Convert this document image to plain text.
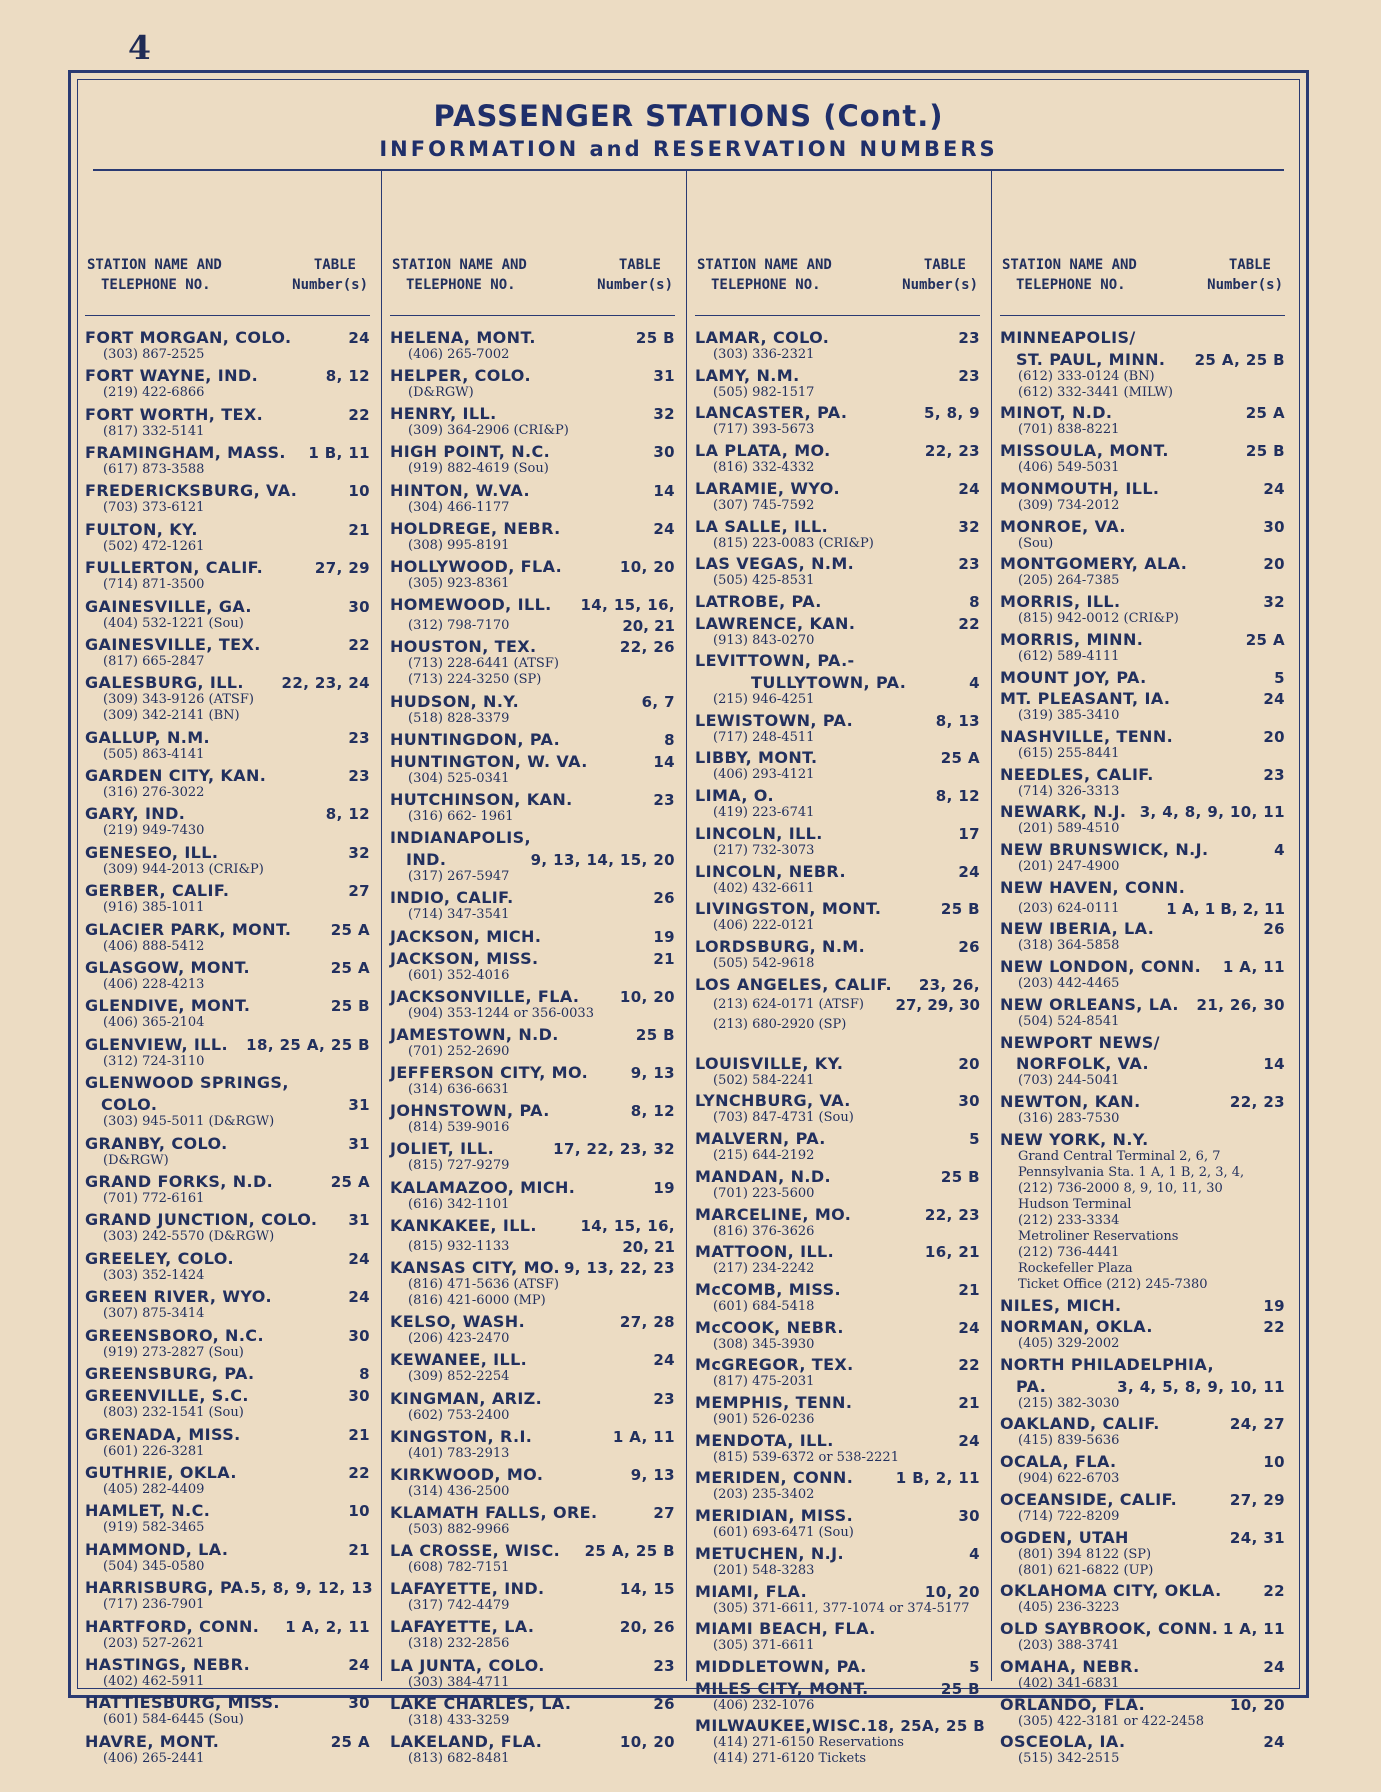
4
PASSENGER STATIONS (Cont.)
INFORMATION and RESERVATION NUMBERS
STATION NAME AND
TELEPHONE NO.
TABLE
Number(s)
FORT MORGAN, COLO.	24
(303) 867-2525
FORT WAYNE, IND.	8, 12
(219) 422-6866
FORT WORTH, TEX.	22
(817) 332-5141
FRAMINGHAM, MASS. 1 B, 11
(617) 873-3588
FREDERICKSBURG, VA.	10
(703) 373-6121
FULTON, KY.	21
(502) 472-1261
FULLERTON, CALIF.	27, 29
(714) 871-3500
GAINESVILLE, GA.	30
(404) 532-1221 (Sou)
GAINESVILLE, TEX.	22
(817) 665-2847
GALESBURG, ILL.	22, 23, 24
(309) 343-9126 (ATSF)
(309) 342-2141 (BN)
GALLUP, N.M.	23
(505) 863-4141
GARDEN CITY, KAN.	23
(316) 276-3022
GARY, IND.	8, 12
(219) 949-7430
GENESEO, ILL.	32
(309) 944-2013 (CRI&P)
GERBER, CALIF.	27
(916) 385-1011
GLACIER PARK, MONT.	25 A
(406) 888-5412
GLASGOW, MONT.	25 A
(406) 228-4213
GLENDIVE, MONT.	25 B
(406) 365-2104
GLENVIEW, ILL. 18, 25 A, 25 B
(312) 724-3110
GLENWOOD SPRINGS,
COLO.	31
(303) 945-5011 (D&RGW)
GRANBY, COLO.	31
(D&RGW)
GRAND FORKS, N.D.	25 A
(701) 772-6161
GRAND JUNCTION, COLO. 31
(303) 242-5570 (D&RGW)
GREELEY, COLO.	24
(303) 352-1424
GREEN RIVER, WYO.	24
(307) 875-3414
GREENSBORO, N.C.	30
(919) 273-2827 (Sou)
GREENSBURG, PA.	8
GREENVILLE, S.C.	30
(803) 232-1541 (Sou)
GRENADA, MISS.	21
(601) 226-3281
GUTHRIE, OKLA.	22
(405) 282-4409
HAMLET, N.C.	10
(919) 582-3465
HAMMOND, LA.	21
(504) 345-0580
HARRISBURG, PA. 5, 8, 9, 12, 13
(717) 236-7901
HARTFORD, CONN. 1 A, 2, 11
(203) 527-2621
HASTINGS, NEBR.	24
(402) 462-5911
HATTIESBURG, MISS.	30
(601) 584-6445 (Sou)
HAVRE, MONT.	25 A
(406) 265-2441
STATION NAME AND
TELEPHONE NO.
TABLE
Number(s)
HELENA, MONT.	25 B
(406) 265-7002
HELPER, COLO.	31
(D&RGW)
HENRY, ILL.	32
(309) 364-2906 (CRI&P)
HIGH POINT, N.C.	30
(919) 882-4619 (Sou)
HINTON, W.VA.	14
(304) 466-1177
HOLDREGE, NEBR.	24
(308) 995-8191
HOLLYWOOD, FLA.	10, 20
(305) 923-8361
HOMEWOOD, ILL. 14, 15, 16,
(312) 798-7170	20, 21
HOUSTON, TEX.	22, 26
(713) 228-6441 (ATSF)
(713) 224-3250 (SP)
HUDSON, N.Y.	6, 7
(518) 828-3379
HUNTINGDON, PA.	8
HUNTINGTON, W. VA.	14
(304) 525-0341
HUTCHINSON, KAN.	23
(316) 662- 1961
INDIANAPOLIS,
IND.	9, 13, 14, 15, 20
(317) 267-5947
INDIO, CALIF.	26
(714) 347-3541
JACKSON, MICH.	19
JACKSON, MISS.	21
(601) 352-4016
JACKSONVILLE, FLA.	10, 20
(904) 353-1244 or 356-0033
JAMESTOWN, N.D.	25 B
(701) 252-2690
JEFFERSON CITY, MO.	9, 13
(314) 636-6631
JOHNSTOWN, PA.	8, 12
(814) 539-9016
JOLIET, ILL.	17, 22, 23, 32
(815) 727-9279
KALAMAZOO, MICH.	19
(616) 342-1101
KANKAKEE, ILL.	14, 15, 16,
(815) 932-1133	20, 21
KANSAS CITY, MO. 9, 13, 22, 23
(816) 471-5636 (ATSF)
(816) 421-6000 (MP)
KELSO, WASH.	27, 28
(206) 423-2470
KEWANEE, ILL.	24
(309) 852-2254
KINGMAN, ARIZ.	23
(602) 753-2400
KINGSTON, R.I.	1 A, 11
(401) 783-2913
KIRKWOOD, MO.	9, 13
(314) 436-2500
KLAMATH FALLS, ORE.	27
(503) 882-9966
LA CROSSE, WISC. 25 A, 25 B
(608) 782-7151
LAFAYETTE, IND.	14, 15
(317) 742-4479
LAFAYETTE, LA.	20, 26
(318) 232-2856
LA JUNTA, COLO.	23
(303) 384-4711
LAKE CHARLES, LA.	26
(318) 433-3259
LAKELAND, FLA.	10, 20
(813) 682-8481
STATION NAME AND
TELEPHONE NO.
TABLE
Number(s)
LAMAR, COLO.	23
(303) 336-2321
LAMY, N.M.	23
(505) 982-1517
LANCASTER, PA.	5, 8, 9
(717) 393-5673
LA PLATA, MO.	22, 23
(816) 332-4332
LARAMIE, WYO.	24
(307) 745-7592
LA SALLE, ILL.	32
(815) 223-0083 (CRI&P)
LAS VEGAS, N.M.	23
(505) 425-8531
LATROBE, PA.	8
LAWRENCE, KAN.	22
(913) 843-0270
LEVITTOWN, PA.-
TULLYTOWN, PA.	4
(215) 946-4251
LEWISTOWN, PA.	8, 13
(717) 248-4511
LIBBY, MONT.	25 A
(406) 293-4121
LIMA, O.	8, 12
(419) 223-6741
LINCOLN, ILL.	17
(217) 732-3073
LINCOLN, NEBR.	24
(402) 432-6611
LIVINGSTON, MONT.	25 B
(406) 222-0121
LORDSBURG, N.M.	26
(505) 542-9618
LOS ANGELES, CALIF. 23, 26,
(213) 624-0171 (ATSF) 27, 29, 30
(213) 680-2920 (SP)
LOUISVILLE, KY.	20
(502) 584-2241
LYNCHBURG, VA.	30
(703) 847-4731 (Sou)
MALVERN, PA.	5
(215) 644-2192
MANDAN, N.D.	25 B
(701) 223-5600
MARCELINE, MO.	22, 23
(816) 376-3626
MATTOON, ILL.	16, 21
(217) 234-2242
McCOMB, MISS.	21
(601) 684-5418
McCOOK, NEBR.	24
(308) 345-3930
McGREGOR, TEX.	22
(817) 475-2031
MEMPHIS, TENN.	21
(901) 526-0236
MENDOTA, ILL.	24
(815) 539-6372 or 538-2221
MERIDEN, CONN.	1 B, 2, 11
(203) 235-3402
MERIDIAN, MISS.	30
(601) 693-6471 (Sou)
METUCHEN, N.J.	4
(201) 548-3283
MIAMI, FLA.	10, 20
(305) 371-6611, 377-1074 or 374-5177
MIAMI BEACH, FLA.
(305) 371-6611
MIDDLETOWN, PA.	5
MILES CITY, MONT.	25 B
(406) 232-1076
MILWAUKEE,WISC. 18, 25A, 25 B
(414) 271-6150 Reservations
(414) 271-6120 Tickets
STATION NAME AND
TELEPHONE NO.
TABLE
Number(s)
MINNEAPOLIS/
ST. PAUL, MINN. 25 A, 25 B
(612) 333-0124 (BN)
(612) 332-3441 (MILW)
MINOT, N.D.	25 A
(701) 838-8221
MISSOULA, MONT.	25 B
(406) 549-5031
MONMOUTH, ILL.	24
(309) 734-2012
MONROE, VA.	30
(Sou)
MONTGOMERY, ALA.	20
(205) 264-7385
MORRIS, ILL.	32
(815) 942-0012 (CRI&P)
MORRIS, MINN.	25 A
(612) 589-4111
MOUNT JOY, PA.	5
MT. PLEASANT, IA.	24
(319) 385-3410
NASHVILLE, TENN.	20
(615) 255-8441
NEEDLES, CALIF.	23
(714) 326-3313
NEWARK, N.J. 3, 4, 8, 9, 10, 11
(201) 589-4510
NEW BRUNSWICK, N.J.	4
(201) 247-4900
NEW HAVEN, CONN.
(203) 624-0111	1 A, 1 B, 2, 11
NEW IBERIA, LA.	26
(318) 364-5858
NEW LONDON, CONN. 1 A, 11
(203) 442-4465
NEW ORLEANS, LA. 21, 26, 30
(504) 524-8541
NEWPORT NEWS/
NORFOLK, VA.	14
(703) 244-5041
NEWTON, KAN.	22, 23
(316) 283-7530
NEW YORK, N.Y.
Grand Central Terminal 2, 6, 7
Pennsylvania Sta. 1 A, 1 B, 2, 3, 4,
(212) 736-2000 8, 9, 10, 11, 30
Hudson Terminal
(212) 233-3334
Metroliner Reservations
(212) 736-4441
Rockefeller Plaza
Ticket Office (212) 245-7380
NILES, MICH.	19
NORMAN, OKLA.	22
(405) 329-2002
NORTH PHILADELPHIA,
PA.	3, 4, 5, 8, 9, 10, 11
(215) 382-3030
OAKLAND, CALIF.	24, 27
(415) 839-5636
OCALA, FLA.	10
(904) 622-6703
OCEANSIDE, CALIF.	27, 29
(714) 722-8209
OGDEN, UTAH	24, 31
(801) 394 8122 (SP)
(801) 621-6822 (UP)
OKLAHOMA CITY, OKLA.	22
(405) 236-3223
OLD SAYBROOK, CONN. 1 A, 11
(203) 388-3741
OMAHA, NEBR.	24
(402) 341-6831
ORLANDO, FLA.	10, 20
(305) 422-3181 or 422-2458
OSCEOLA, IA.	24
(515) 342-2515
